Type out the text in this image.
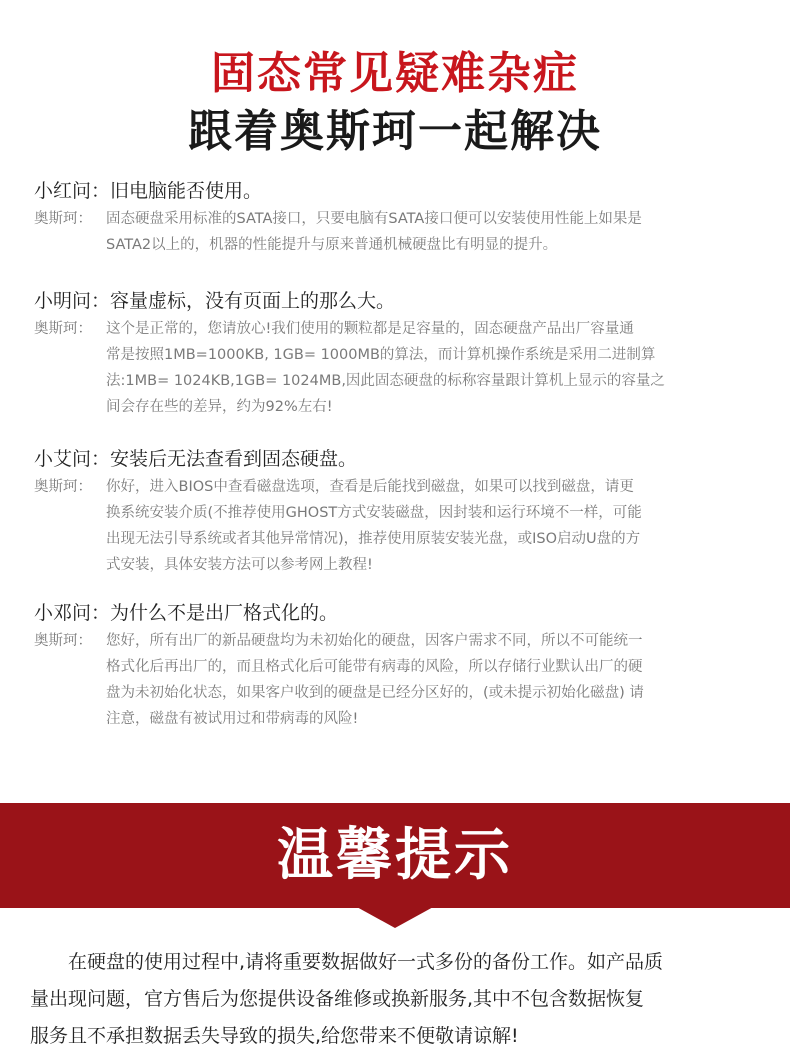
固态常见疑难杂症
跟着奥斯珂一起解决
小红问：旧电脑能否使用。
奥斯珂： 固态硬盘采用标准的SATA接口，只要电脑有SATA接口便可以安装使用性能上如果是
SATA2以上的，机器的性能提升与原来普通机械硬盘比有明显的提升。
小明问：容量虚标，没有页面上的那么大。
奥斯珂： 这个是正常的，您请放心!我们使用的颗粒都是足容量的，固态硬盘产品出厂容量通
常是按照1MB=1000KB, 1GB= 1000MB的算法，而计算机操作系统是采用二进制算
法:1MB= 1024KB,1GB= 1024MB,因此固态硬盘的标称容量跟计算机上显示的容量之
间会存在些的差异，约为92%左右!
小艾问：安装后无法查看到固态硬盘。
奥斯珂： 你好，进入BIOS中查看磁盘选项，查看是后能找到磁盘，如果可以找到磁盘，请更
换系统安装介质(不推荐使用GHOST方式安装磁盘，因封装和运行环境不一样，可能
出现无法引导系统或者其他异常情况)，推荐使用原装安装光盘，或ISO启动U盘的方
式安装，具体安装方法可以参考网上教程!
小邓问：为什么不是出厂格式化的。
奥斯珂： 您好，所有出厂的新品硬盘均为未初始化的硬盘，因客户需求不同，所以不可能统一
格式化后再出厂的，而且格式化后可能带有病毒的风险，所以存储行业默认出厂的硬
盘为未初始化状态，如果客户收到的硬盘是已经分区好的，(或未提示初始化磁盘) 请
注意，磁盘有被试用过和带病毒的风险!
温馨提示
在硬盘的使用过程中,请将重要数据做好一式多份的备份工作。如产品质
量出现问题，官方售后为您提供设备维修或换新服务,其中不包含数据恢复
服务且不承担数据丢失导致的损失,给您带来不便敬请谅解!
